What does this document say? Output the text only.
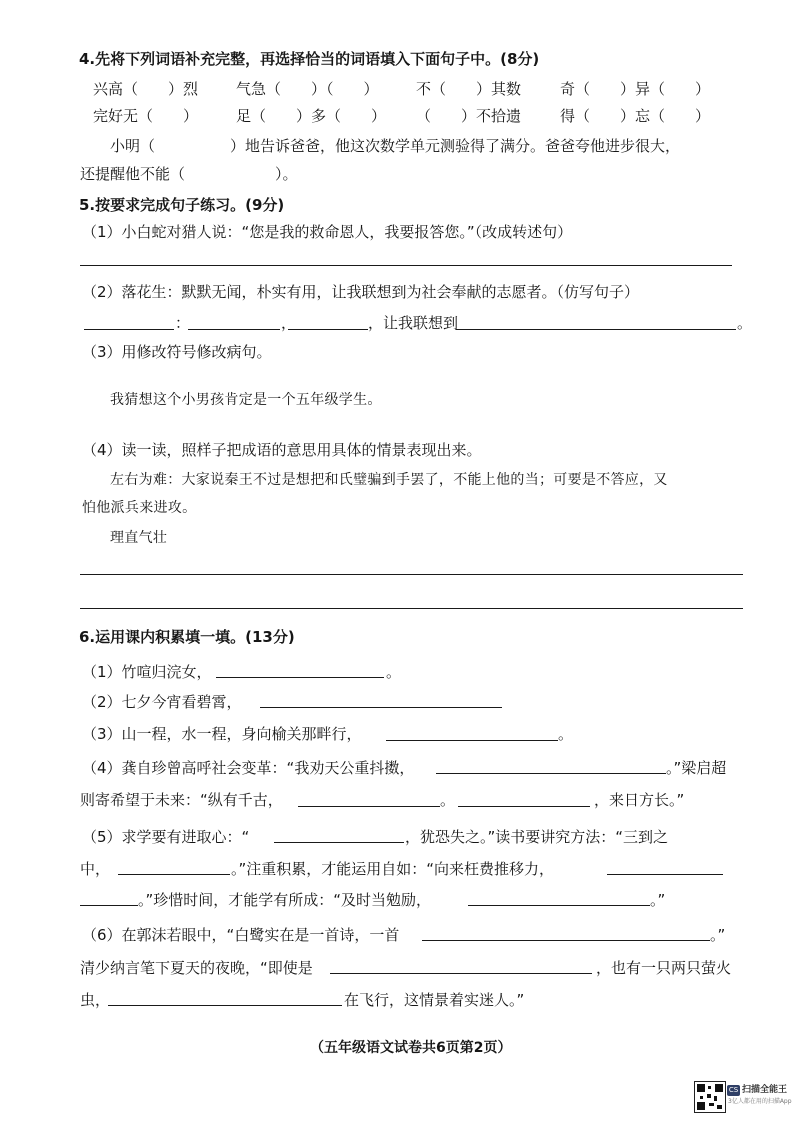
4.先将下列词语补充完整，再选择恰当的词语填入下面句子中。(8分)
兴高（　　）烈	气急（　　）（　　） 不（　　）其数	奇（　　）异（　　）
完好无（　　）	足（　　）多（　　） （　　）不拾遗	得（　　）忘（　　）
小明（　　　　　）地告诉爸爸，他这次数学单元测验得了满分。爸爸夸他进步很大，
还提醒他不能（　　　　　　）。
5.按要求完成句子练习。(9分)
（1）小白蛇对猎人说：“您是我的救命恩人，我要报答您。”（改成转述句）
（2）落花生：默默无闻，朴实有用，让我联想到为社会奉献的志愿者。（仿写句子）
：	，	，让我联想到	。
（3）用修改符号修改病句。
我猜想这个小男孩肯定是一个五年级学生。
（4）读一读，照样子把成语的意思用具体的情景表现出来。
左右为难：大家说秦王不过是想把和氏璧骗到手罢了，不能上他的当；可要是不答应，又
怕他派兵来进攻。
理直气壮
6.运用课内积累填一填。(13分)
（1）竹喧归浣女，	。
（2）七夕今宵看碧霄，
（3）山一程，水一程，身向榆关那畔行，	。
（4）龚自珍曾高呼社会变革：“我劝天公重抖擞，	。”梁启超
则寄希望于未来：“纵有千古，	。	，来日方长。”
（5）求学要有进取心：“	，犹恐失之。”读书要讲究方法：“三到之
中，	。”注重积累，才能运用自如：“向来枉费推移力，
。”珍惜时间，才能学有所成：“及时当勉励，	。”
（6）在郭沫若眼中，“白鹭实在是一首诗，一首	。”
清少纳言笔下夏天的夜晚，“即使是	，也有一只两只萤火
虫，	在飞行，这情景着实迷人。”
（五年级语文试卷共6页第2页）
CS 扫描全能王
3亿人都在用的扫描App
